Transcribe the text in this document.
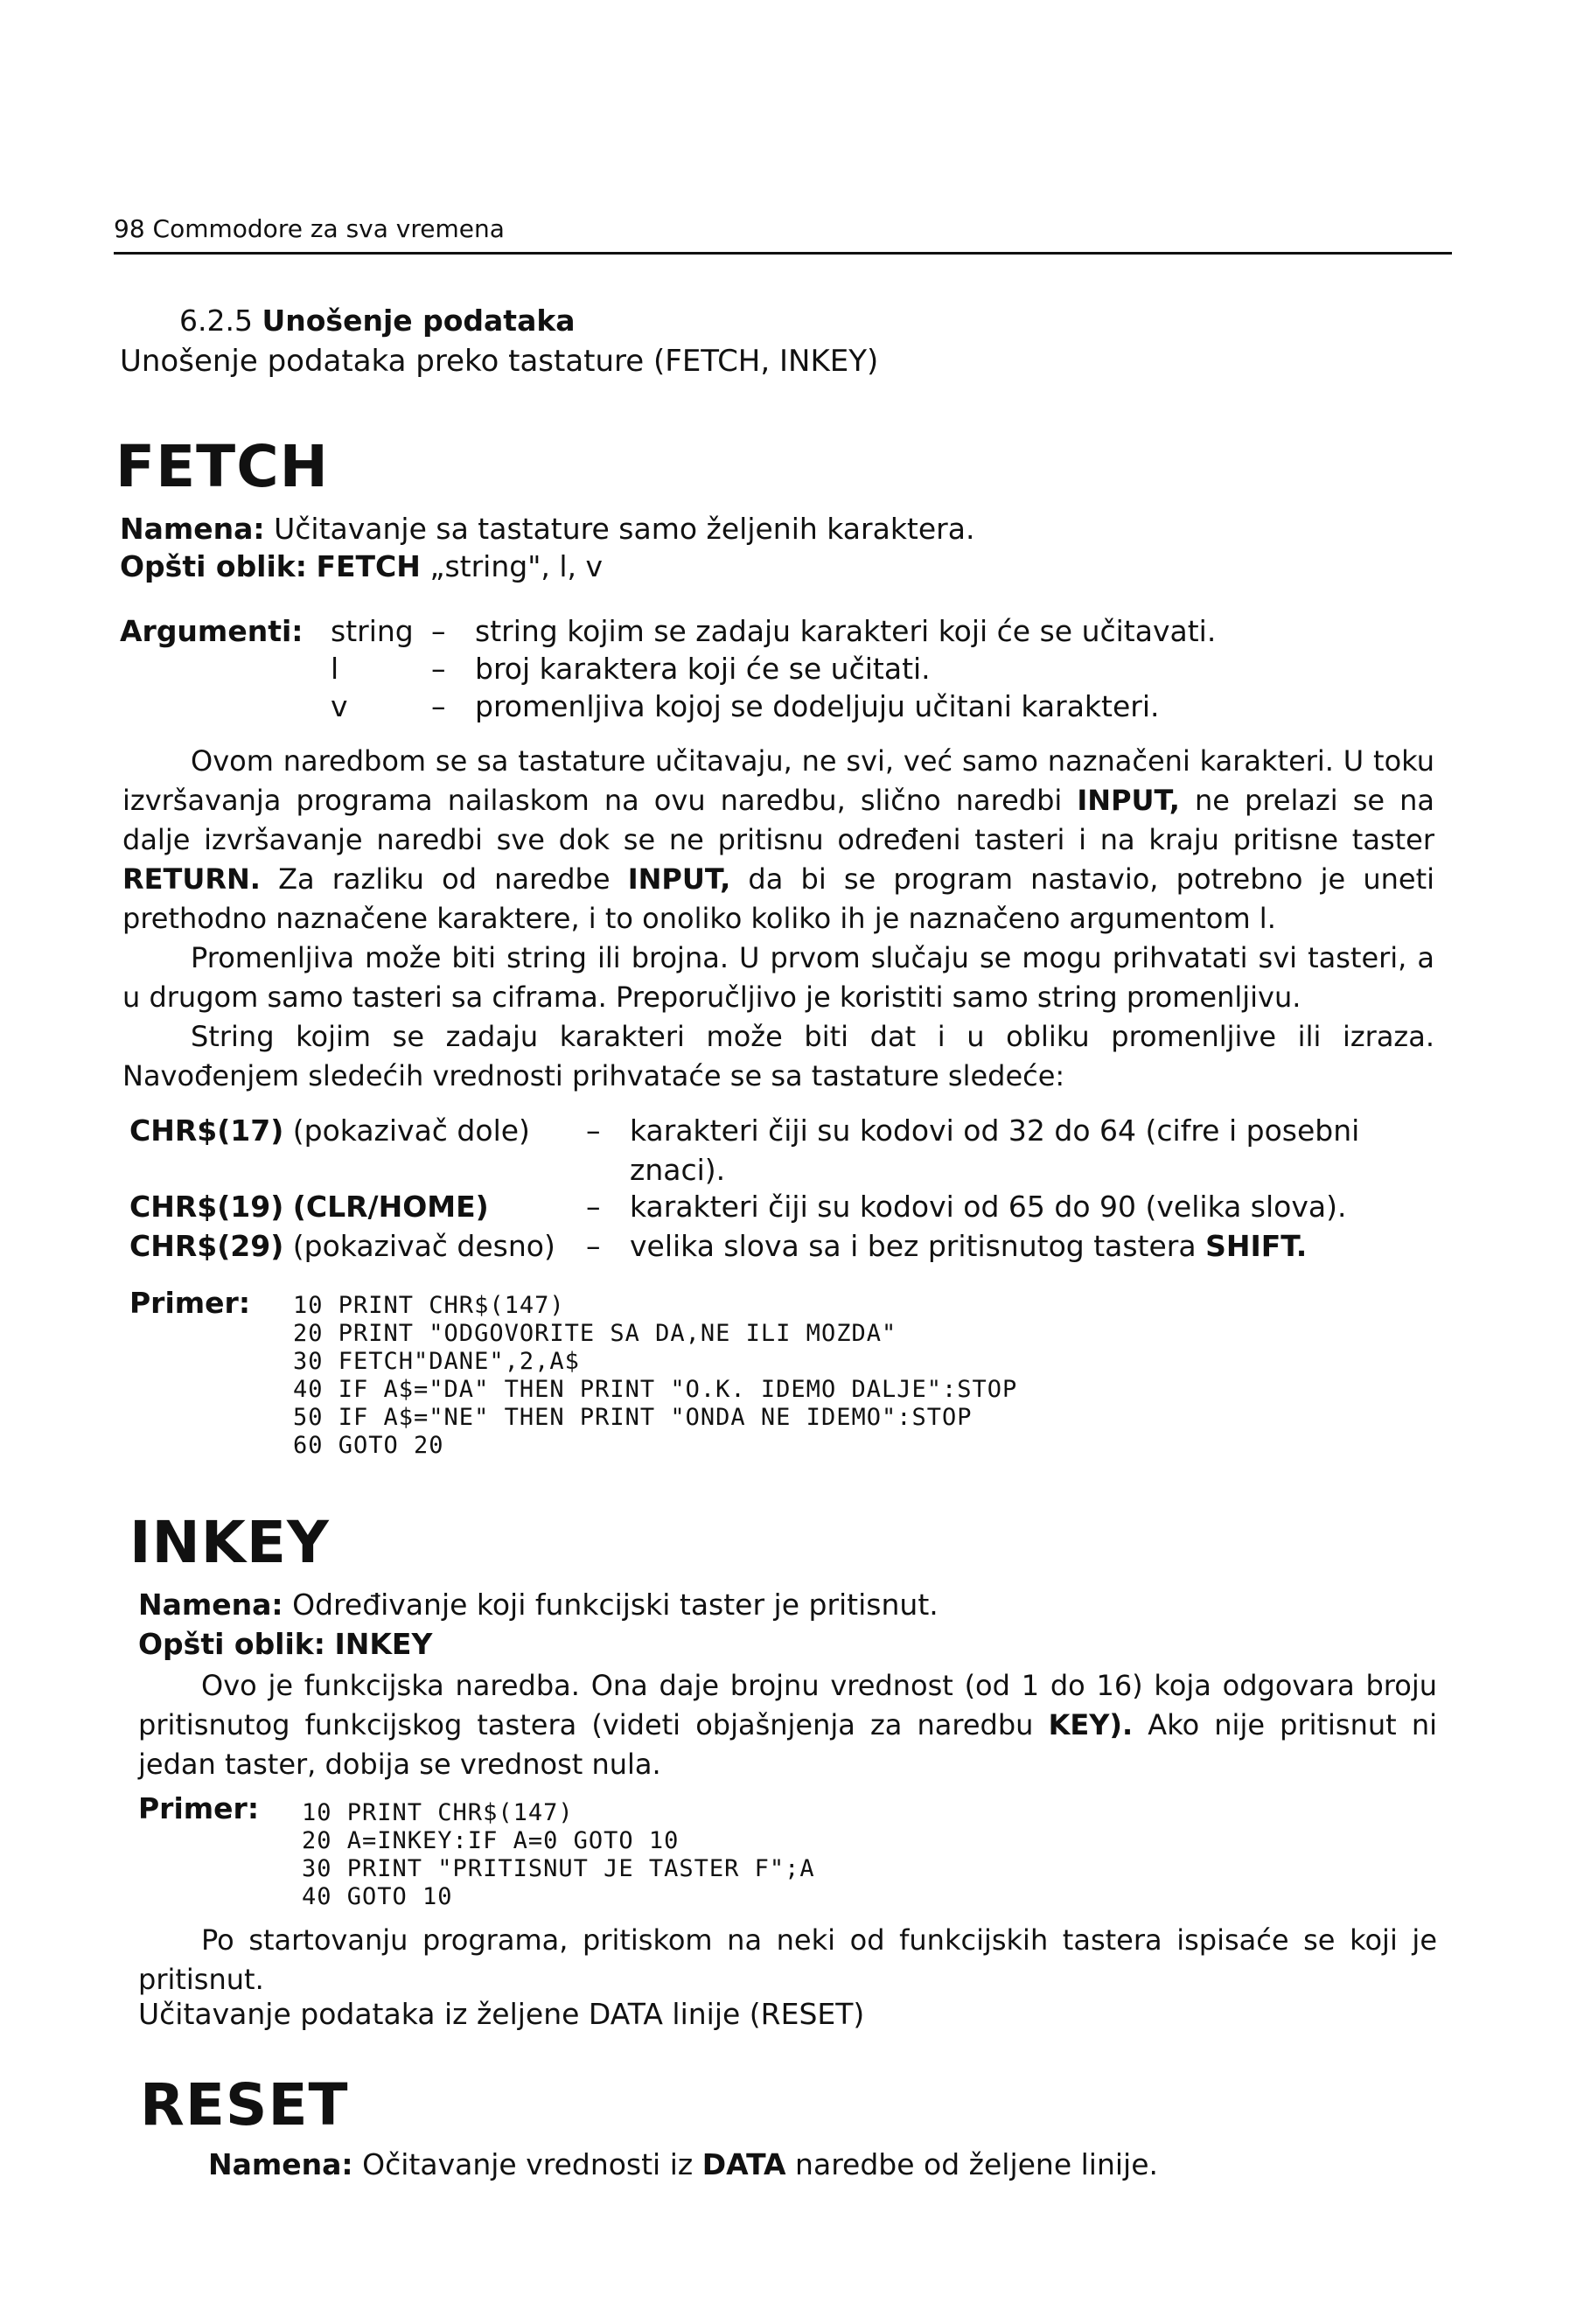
98 Commodore za sva vremena
6.2.5 Unošenje podataka
Unošenje podataka preko tastature (FETCH, INKEY)
FETCH
Namena: Učitavanje sa tastature samo željenih karaktera.
Opšti oblik: FETCH „string", l, v
Argumenti: string –	string kojim se zadaju karakteri koji će se učitavati.
l	–	broj karaktera koji će se učitati.
v	–	promenljiva kojoj se dodeljuju učitani karakteri.
Ovom naredbom se sa tastature učitavaju, ne svi, već samo naznačeni karakteri. U toku izvršavanja programa nailaskom na ovu naredbu, slično naredbi INPUT, ne prelazi se na dalje izvršavanje naredbi sve dok se ne pritisnu određeni tasteri i na kraju pritisne taster RETURN. Za razliku od naredbe INPUT, da bi se program nastavio, potrebno je uneti prethodno naznačene karaktere, i to onoliko koliko ih je naznačeno argumentom l.
Promenljiva može biti string ili brojna. U prvom slučaju se mogu prihvatati svi tasteri, a u drugom samo tasteri sa ciframa. Preporučljivo je koristiti samo string promenljivu.
String kojim se zadaju karakteri može biti dat i u obliku promenljive ili izraza. Navođenjem sledećih vrednosti prihvataće se sa tastature sledeće:
CHR$(17) (pokazivač dole) – karakteri čiji su kodovi od 32 do 64 (cifre i posebni
znaci).
CHR$(19) (CLR/HOME)	– karakteri čiji su kodovi od 65 do 90 (velika slova).
CHR$(29) (pokazivač desno) – velika slova sa i bez pritisnutog tastera SHIFT.
Primer: 10 PRINT CHR$(147)
20 PRINT "ODGOVORITE SA DA,NE ILI MOZDA"
30 FETCH"DANE",2,A$
40 IF A$="DA" THEN PRINT "O.K. IDEMO DALJE":STOP
50 IF A$="NE" THEN PRINT "ONDA NE IDEMO":STOP
60 GOTO 20
INKEY
Namena: Određivanje koji funkcijski taster je pritisnut.
Opšti oblik: INKEY
Ovo je funkcijska naredba. Ona daje brojnu vrednost (od 1 do 16) koja odgovara broju pritisnutog funkcijskog tastera (videti objašnjenja za naredbu KEY). Ako nije pritisnut ni jedan taster, dobija se vrednost nula.
Primer: 10 PRINT CHR$(147)
20 A=INKEY:IF A=0 GOTO 10
30 PRINT "PRITISNUT JE TASTER F";A
40 GOTO 10
Po startovanju programa, pritiskom na neki od funkcijskih tastera ispisaće se koji je pritisnut.
Učitavanje podataka iz željene DATA linije (RESET)
RESET
Namena: Očitavanje vrednosti iz DATA naredbe od željene linije.
